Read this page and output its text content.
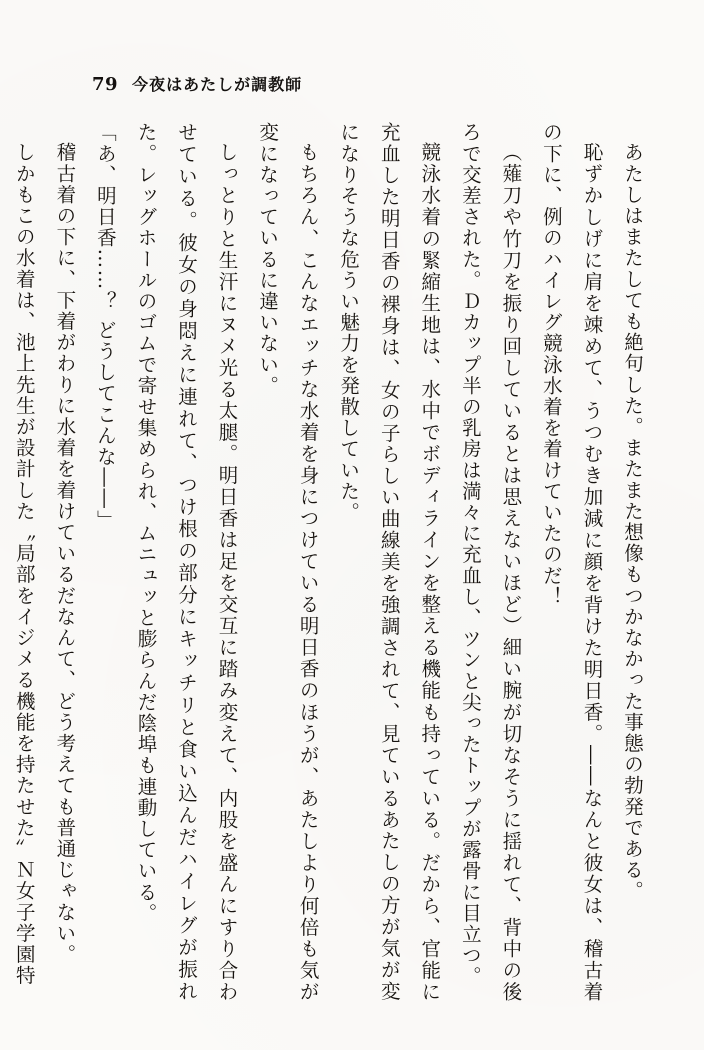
79 今夜はあたしが調教師

あたしはまたしても絶句した。またまた想像もつかなかった事態の勃発である。

恥ずかしげに肩を竦めて、うつむき加減に顔を背けた明日香。――なんと彼女は、稽古着の下に、例のハイレグ競泳水着を着けていたのだ！

（薙刀や竹刀を振り回しているとは思えないほど）細い腕が切なそうに揺れて、背中の後ろで交差された。Ｄカップ半の乳房は満々に充血し、ツンと尖ったトップが露骨に目立つ。

競泳水着の緊縮生地は、水中でボディラインを整える機能も持っている。だから、官能に充血した明日香の裸身は、女の子らしい曲線美を強調されて、見ているあたしの方が気が変になりそうな危うい魅力を発散していた。

もちろん、こんなエッチな水着を身につけている明日香のほうが、あたしより何倍も気が変になっているに違いない。

しっとりと生汗にヌメ光る太腿。明日香は足を交互に踏み変えて、内股を盛んにすり合わせている。彼女の身悶えに連れて、つけ根の部分にキッチリと食い込んだハイレグが振れた。レッグホールのゴムで寄せ集められ、ムニュッと膨らんだ陰埠も連動している。

「あ、明日香……？ どうしてこんな――」

稽古着の下に、下着がわりに水着を着けているだなんて、どう考えても普通じゃない。

しかもこの水着は、池上先生が設計した〝局部をイジメる機能を持たせた〟Ｎ女子学園特
